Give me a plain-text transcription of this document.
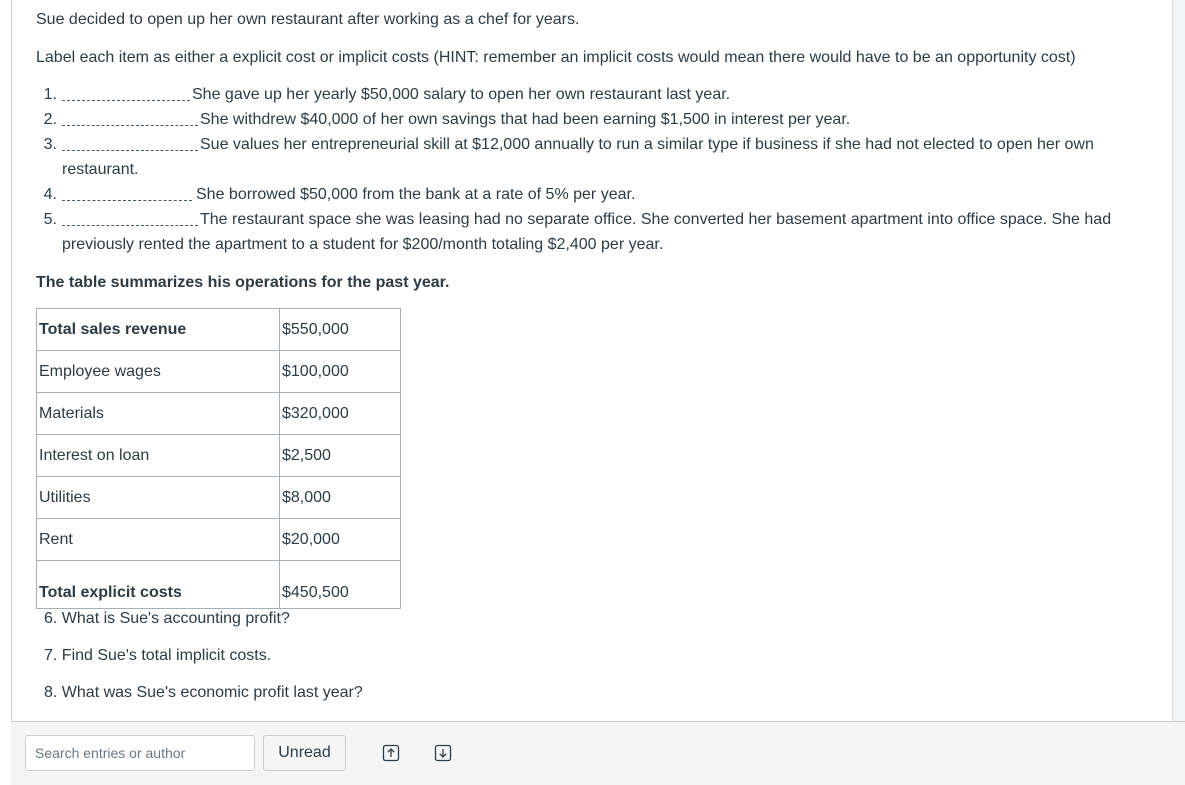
Sue decided to open up her own restaurant after working as a chef for years.
Label each item as either a explicit cost or implicit costs (HINT: remember an implicit costs would mean there would have to be an opportunity cost)
1.	She gave up her yearly $50,000 salary to open her own restaurant last year.
2.	She withdrew $40,000 of her own savings that had been earning $1,500 in interest per year.
3.	Sue values her entrepreneurial skill at $12,000 annually to run a similar type if business if she had not elected to open her own
restaurant.
4.	She borrowed $50,000 from the bank at a rate of 5% per year.
5.	The restaurant space she was leasing had no separate office. She converted her basement apartment into office space. She had
previously rented the apartment to a student for $200/month totaling $2,400 per year.
The table summarizes his operations for the past year.
Total sales revenue	$550,000
Employee wages	$100,000
Materials	$320,000
Interest on loan	$2,500
Utilities	$8,000
Rent	$20,000
Total explicit costs	$450,500
6. What is Sue's accounting profit?
7. Find Sue's total implicit costs.
8. What was Sue's economic profit last year?
Search entries or author
Unread
